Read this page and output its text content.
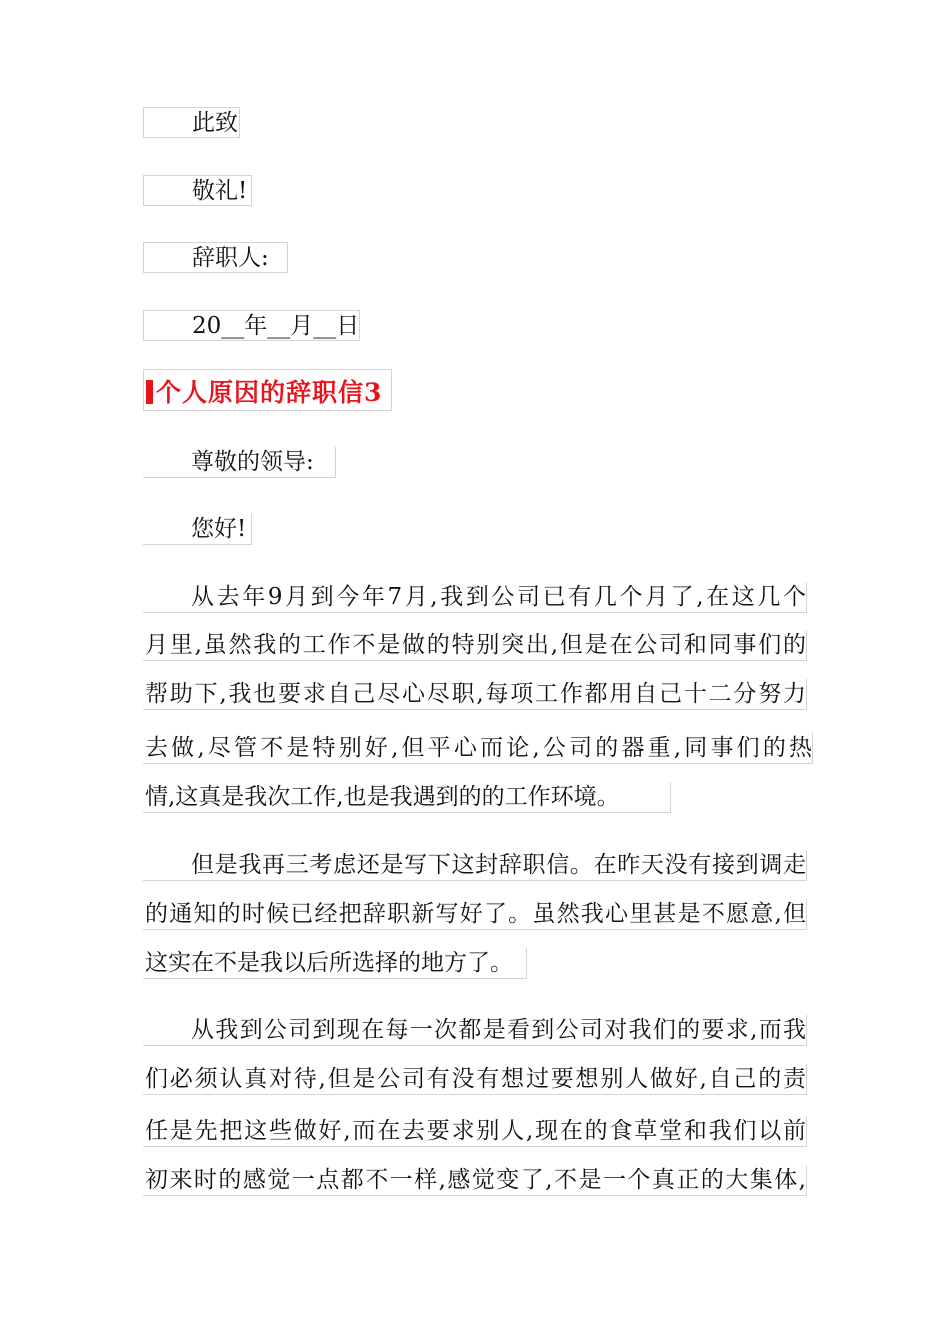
此致
敬礼!
辞职人:
20__年__月__日
个人原因的辞职信3
尊敬的领导:
您好!
从去年9月到今年7月,我到公司已有几个月了,在这几个
月里,虽然我的工作不是做的特别突出,但是在公司和同事们的
帮助下,我也要求自己尽心尽职,每项工作都用自己十二分努力
去做,尽管不是特别好,但平心而论,公司的器重,同事们的热
情,这真是我次工作,也是我遇到的的工作环境。
但是我再三考虑还是写下这封辞职信。在昨天没有接到调走
的通知的时候已经把辞职新写好了。虽然我心里甚是不愿意,但
这实在不是我以后所选择的地方了。
从我到公司到现在每一次都是看到公司对我们的要求,而我
们必须认真对待,但是公司有没有想过要想别人做好,自己的责
任是先把这些做好,而在去要求别人,现在的食草堂和我们以前
初来时的感觉一点都不一样,感觉变了,不是一个真正的大集体,
